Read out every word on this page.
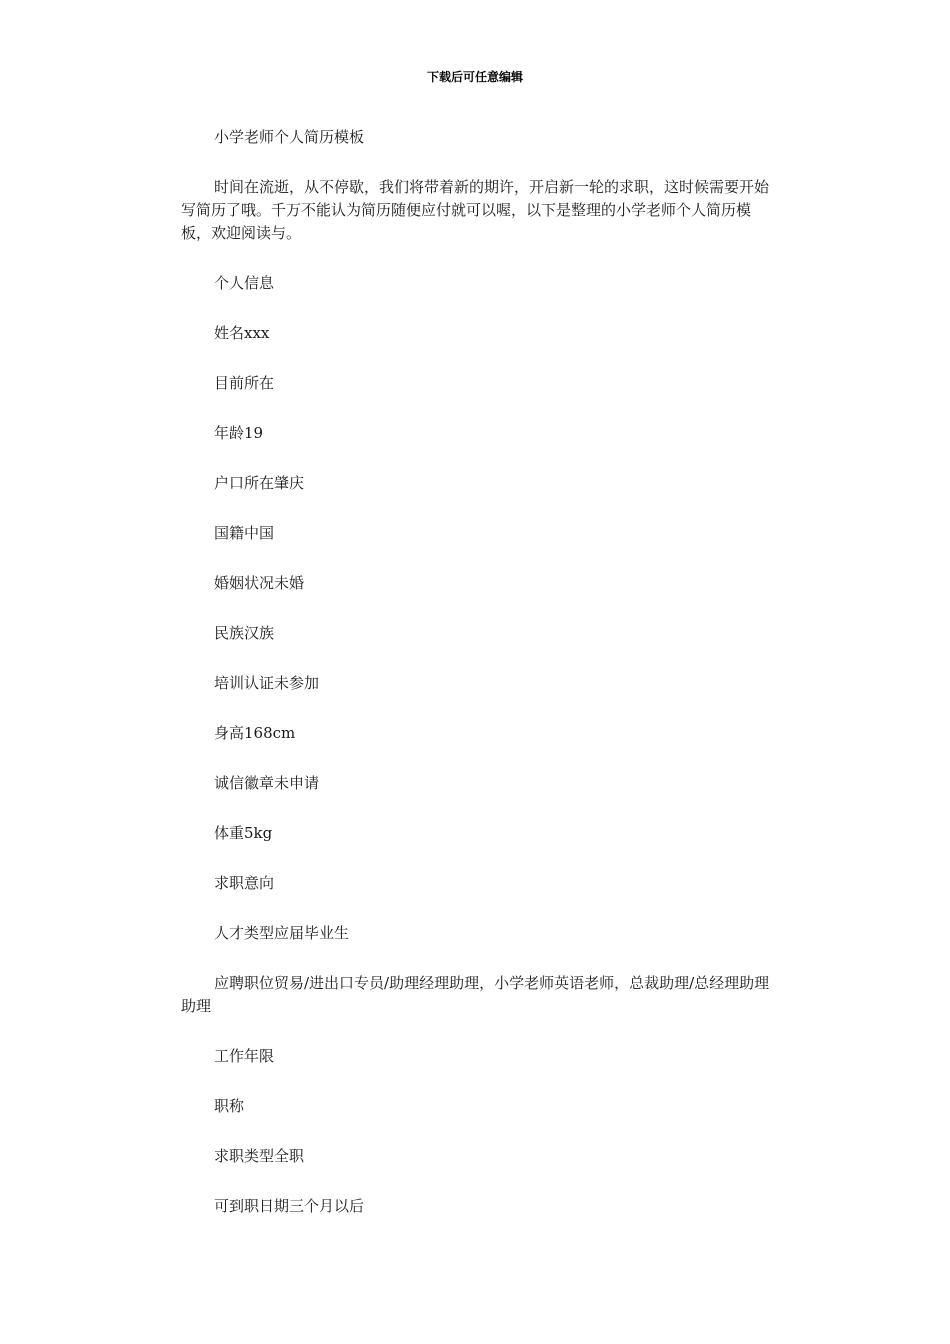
下载后可任意编辑

小学老师个人简历模板

时间在流逝，从不停歇，我们将带着新的期许，开启新一轮的求职，这时候需要开始写简历了哦。千万不能认为简历随便应付就可以喔，以下是整理的小学老师个人简历模板，欢迎阅读与。

个人信息

姓名xxx

目前所在

年龄19

户口所在肇庆

国籍中国

婚姻状况未婚

民族汉族

培训认证未参加

身高168cm

诚信徽章未申请

体重5kg

求职意向

人才类型应届毕业生

应聘职位贸易/进出口专员/助理经理助理，小学老师英语老师，总裁助理/总经理助理助理

工作年限

职称

求职类型全职

可到职日期三个月以后
